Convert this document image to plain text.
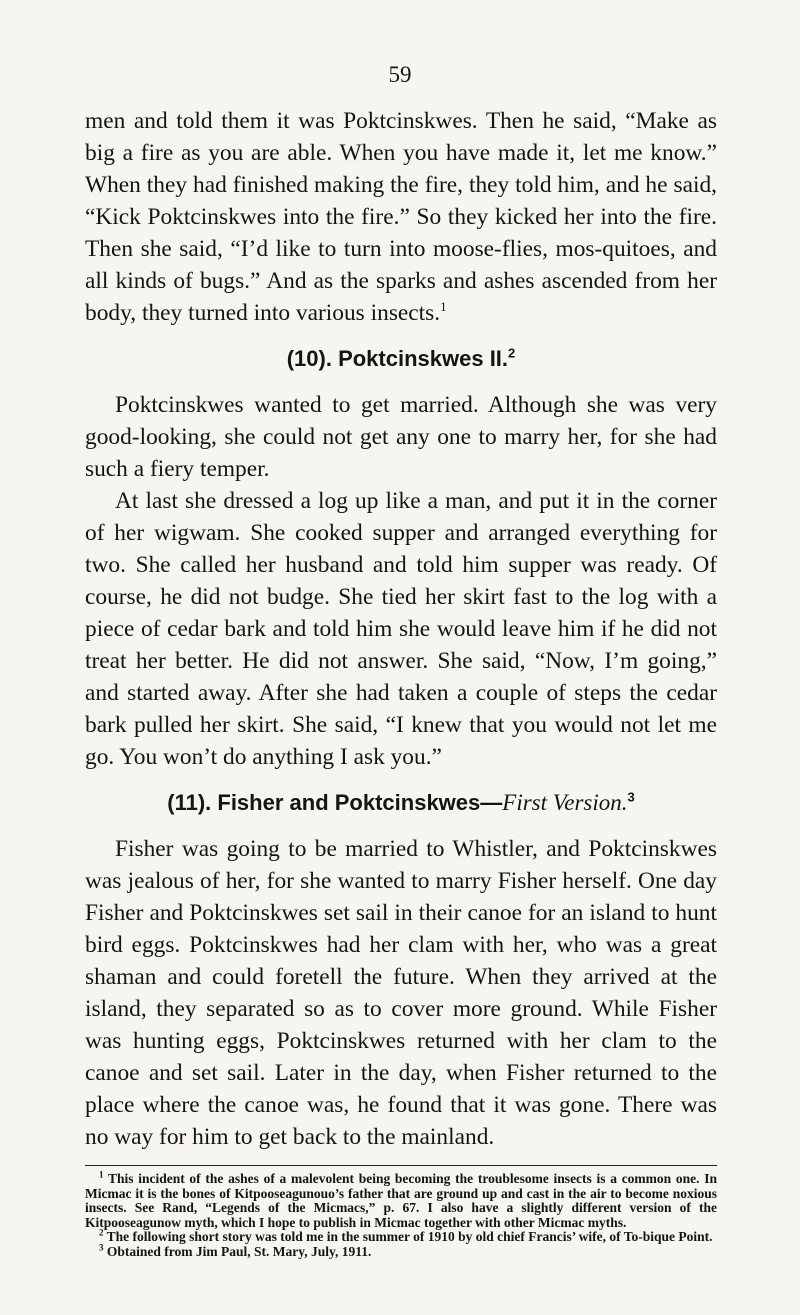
59

men and told them it was Poktcinskwes. Then he said, “Make as big a fire as you are able. When you have made it, let me know.” When they had finished making the fire, they told him, and he said, “Kick Poktcinskwes into the fire.” So they kicked her into the fire. Then she said, “I’d like to turn into moose-flies, mos-quitoes, and all kinds of bugs.” And as the sparks and ashes ascended from her body, they turned into various insects.$^1$

(10). Poktcinskwes II.$^2$

Poktcinskwes wanted to get married. Although she was very good-looking, she could not get any one to marry her, for she had such a fiery temper.

At last she dressed a log up like a man, and put it in the corner of her wigwam. She cooked supper and arranged everything for two. She called her husband and told him supper was ready. Of course, he did not budge. She tied her skirt fast to the log with a piece of cedar bark and told him she would leave him if he did not treat her better. He did not answer. She said, “Now, I’m going,” and started away. After she had taken a couple of steps the cedar bark pulled her skirt. She said, “I knew that you would not let me go. You won’t do anything I ask you.”

(11). Fisher and Poktcinskwes—First Version.$^3$

Fisher was going to be married to Whistler, and Poktcinskwes was jealous of her, for she wanted to marry Fisher herself. One day Fisher and Poktcinskwes set sail in their canoe for an island to hunt bird eggs. Poktcinskwes had her clam with her, who was a great shaman and could foretell the future. When they arrived at the island, they separated so as to cover more ground. While Fisher was hunting eggs, Poktcinskwes returned with her clam to the canoe and set sail. Later in the day, when Fisher returned to the place where the canoe was, he found that it was gone. There was no way for him to get back to the mainland.

$^1$ This incident of the ashes of a malevolent being becoming the troublesome insects is a common one. In Micmac it is the bones of Kitpooseagunouo’s father that are ground up and cast in the air to become noxious insects. See Rand, “Legends of the Micmacs,” p. 67. I also have a slightly different version of the Kitpooseagunow myth, which I hope to publish in Micmac together with other Micmac myths.

$^2$ The following short story was told me in the summer of 1910 by old chief Francis’ wife, of To-bique Point.

$^3$ Obtained from Jim Paul, St. Mary, July, 1911.
